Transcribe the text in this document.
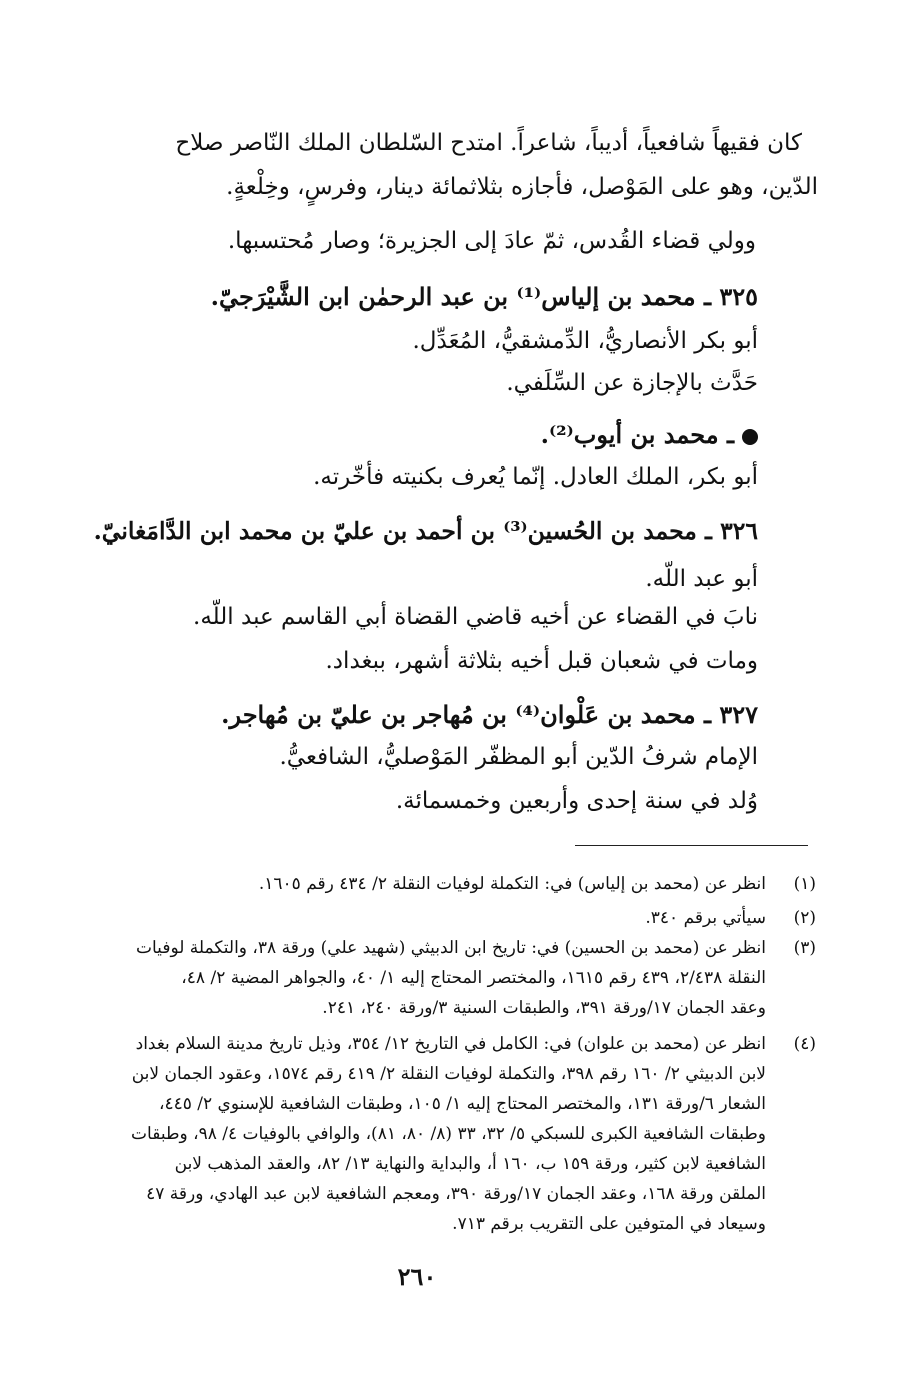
كان فقيهاً شافعياً، أديباً، شاعراً. امتدح السّلطان الملك النّاصر صلاح
الدّين، وهو على المَوْصل، فأجازه بثلاثمائة دينار، وفرسٍ، وخِلْعةٍ.
وولي قضاء القُدس، ثمّ عادَ إلى الجزيرة؛ وصار مُحتسبها.
٣٢٥ ـ محمد بن إلياس⁽¹⁾ بن عبد الرحمٰن ابن الشَّيْرَجيّ.
أبو بكر الأنصاريُّ، الدِّمشقيُّ، المُعَدِّل.
حَدَّث بالإجازة عن السِّلَفي.
ـ محمد بن أيوب⁽²⁾.
أبو بكر، الملك العادل. إنّما يُعرف بكنيته فأخّرته.
٣٢٦ ـ محمد بن الحُسين⁽³⁾ بن أحمد بن عليّ بن محمد ابن الدَّامَغانيّ.
أبو عبد اللّه.
نابَ في القضاء عن أخيه قاضي القضاة أبي القاسم عبد اللّه.
ومات في شعبان قبل أخيه بثلاثة أشهر، ببغداد.
٣٢٧ ـ محمد بن عَلْوان⁽⁴⁾ بن مُهاجر بن عليّ بن مُهاجر.
الإمام شرفُ الدّين أبو المظفّر المَوْصليُّ، الشافعيُّ.
وُلد في سنة إحدى وأربعين وخمسمائة.
(١)
انظر عن (محمد بن إلياس) في: التكملة لوفيات النقلة ٢/ ٤٣٤ رقم ١٦٠٥.
(٢)
سيأتي برقم ٣٤٠.
(٣)
انظر عن (محمد بن الحسين) في: تاريخ ابن الدبيثي (شهيد علي) ورقة ٣٨، والتكملة لوفيات
النقلة ٢/٤٣٨، ٤٣٩ رقم ١٦١٥، والمختصر المحتاج إليه ١/ ٤٠، والجواهر المضية ٢/ ٤٨،
وعقد الجمان ١٧/ورقة ٣٩١، والطبقات السنية ٣/ورقة ٢٤٠، ٢٤١.
(٤)
انظر عن (محمد بن علوان) في: الكامل في التاريخ ١٢/ ٣٥٤، وذيل تاريخ مدينة السلام بغداد
لابن الدبيثي ٢/ ١٦٠ رقم ٣٩٨، والتكملة لوفيات النقلة ٢/ ٤١٩ رقم ١٥٧٤، وعقود الجمان لابن
الشعار ٦/ورقة ١٣١، والمختصر المحتاج إليه ١/ ١٠٥، وطبقات الشافعية للإسنوي ٢/ ٤٤٥،
وطبقات الشافعية الكبرى للسبكي ٥/ ٣٢، ٣٣ (٨/ ٨٠، ٨١)، والوافي بالوفيات ٤/ ٩٨، وطبقات
الشافعية لابن كثير، ورقة ١٥٩ ب، ١٦٠ أ، والبداية والنهاية ١٣/ ٨٢، والعقد المذهب لابن
الملقن ورقة ١٦٨، وعقد الجمان ١٧/ورقة ٣٩٠، ومعجم الشافعية لابن عبد الهادي، ورقة ٤٧
وسيعاد في المتوفين على التقريب برقم ٧١٣.
٢٦٠
